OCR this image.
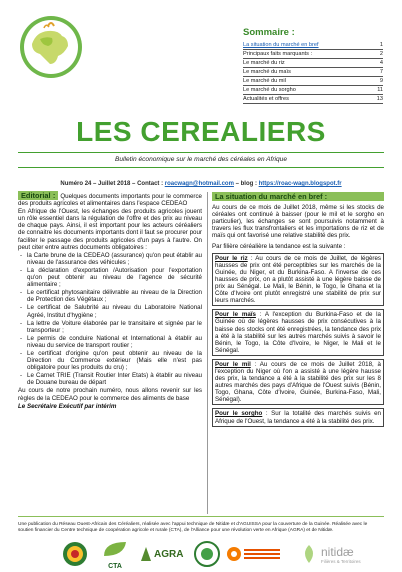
Sommaire :
La situation du marché en bref	1
Principaux faits marquants :	2
Le marché du riz	4
Le marché du maïs	7
Le marché du mil	9
Le marché du sorgho	11
Actualités et offres	13
LES CEREALIERS
Bulletin économique sur le marché des céréales en Afrique
Numéro 24 – Juillet 2018 – Contact : roacwagn@hotmail.com – blog : https://roac-wagn.blogspot.fr

Editorial : Quelques documents importants pour le commerce des produits agricoles et alimentaires dans l'espace CEDEAO

En Afrique de l'Ouest, les échanges des produits agricoles jouent un rôle essentiel dans la régulation de l'offre et des prix au niveau de chaque pays. Ainsi, il est important pour les acteurs céréaliers de connaitre les documents importants dont il faut se procurer pour faciliter le passage des produits agricoles d'un pays à l'autre. On peut citer entre autres documents obligatoires :

- la Carte brune de la CEDEAO (assurance) qu'on peut établir au niveau de l'assurance des véhicules ;
- La déclaration d'exportation /Autorisation pour l'exportation qu'on peut obtenir au niveau de l'agence de sécurité alimentaire ;
- Le certificat phytosanitaire délivrable au niveau de la Direction de Protection des Végétaux ;
- Le certificat de Salubrité au niveau du Laboratoire National Agréé, Institut d'hygiène ;
- La lettre de Voiture élaborée par le transitaire et signée par le transporteur ;
- Le permis de conduire National et International à établir au niveau du service de transport routier ;
- Le certificat d'origine qu'on peut obtenir au niveau de la Direction du Commerce extérieur (Mais elle n'est pas obligatoire pour les produits du cru) ;
- Le Carnet TRIE (Transit Routier Inter Etats) à établir au niveau de Douane bureau de départ

Au cours de notre prochain numéro, nous allons revenir sur les règles de la CEDEAO pour le commerce des aliments de base

Le Secrétaire Exécutif par intérim

La situation du marché en bref :

Au cours de ce mois de Juillet 2018, même si les stocks de céréales ont continué à baisser (pour le mil et le sorgho en particulier), les échanges se sont poursuivis notamment à travers les flux transfrontaliers et les importations de riz et de maïs qui ont favorisé une relative stabilité des prix.

Par filière céréalière la tendance est la suivante :

Pour le riz : Au cours de ce mois de Juillet, de légères hausses de prix ont été perceptibles sur les marchés de la Guinée, du Niger, et du Burkina-Faso. A l'inverse de ces hausses de prix, on a plutôt assisté à une légère baisse de prix au Sénégal. Le Mali, le Bénin, le Togo, le Ghana et la Côte d'Ivoire ont plutôt enregistré une stabilité de prix sur leurs marchés.
Pour le maïs : A l'exception du Burkina-Faso et de la Guinée où de légères hausses de prix consécutives à la baisse des stocks ont été enregistrées, la tendance des prix a été à la stabilité sur les autres marchés suivis à savoir le Bénin, le Togo, la Côte d'Ivoire, le Niger, le Mali et le Sénégal.
Pour le mil : Au cours de ce mois de Juillet 2018, à l'exception du Niger où l'on a assisté à une légère hausse des prix, la tendance a été à la stabilité des prix sur les 8 autres marchés des pays d'Afrique de l'Ouest suivis (Bénin, Togo, Ghana, Côte d'Ivoire, Guinée, Burkina-Faso, Mali, Sénégal).
Pour le sorgho : Sur la totalité des marchés suivis en Afrique de l'Ouest, la tendance a été à la stabilité des prix.
Une publication du Réseau Ouest-Africain des Céréaliers, réalisée avec l'appui technique de Nitidæ et d'AGUISSA pour la couverture de la Guinée. Réalisée avec le soutien financier du Centre technique de coopération agricole et rurale (CTA), de l'Alliance pour une révolution verte en Afrique (AGRA) et de Nitidæ.
CTA
AGRA	nitidæ
Filières & Territoires
